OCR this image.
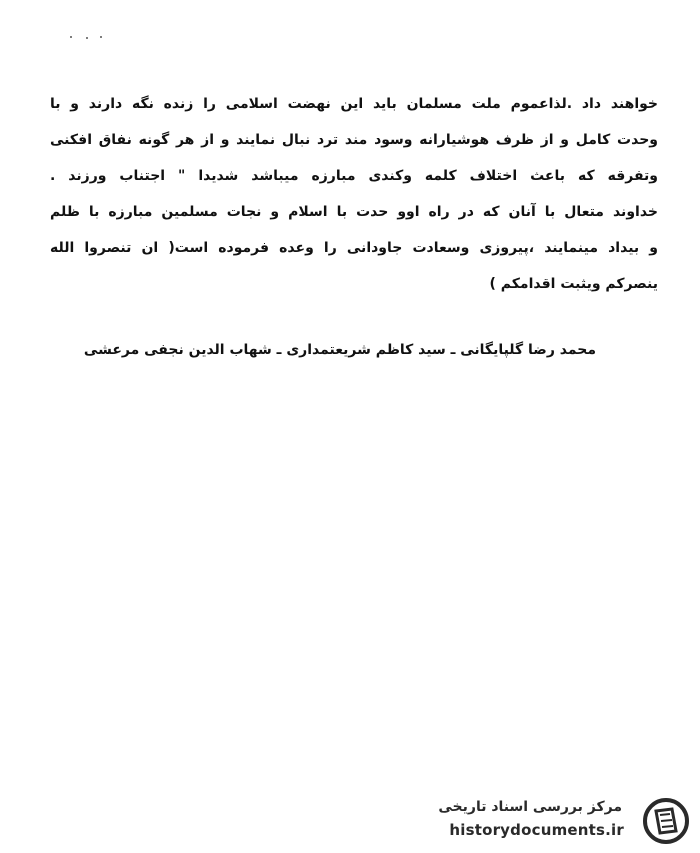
خواهند داد .لذاعموم ملت مسلمان باید این نهضت اسلامی را زنده نگه دارند و با
وحدت کامل و از ظرف هوشیارانه وسود مند ترد نبال نمایند و از هر گونه نفاق افکنی
وتفرقه که باعث اختلاف کلمه وکندی مبارزه میباشد شدیدا " اجتناب ورزند .
خداوند متعال با آنان که در راه اوو حدت با اسلام و نجات مسلمین مبارزه با ظلم
و بیداد مینمایند ،پیروزی وسعادت جاودانی را وعده فرموده است( ان تنصروا الله
ینصرکم ویثبت اقدامکم )
محمد رضا گلپایگانی ـ سید کاظم شریعتمداری ـ شهاب الدین نجفی مرعشی
مرکز بررسی اسناد تاریخی
historydocuments.ir
